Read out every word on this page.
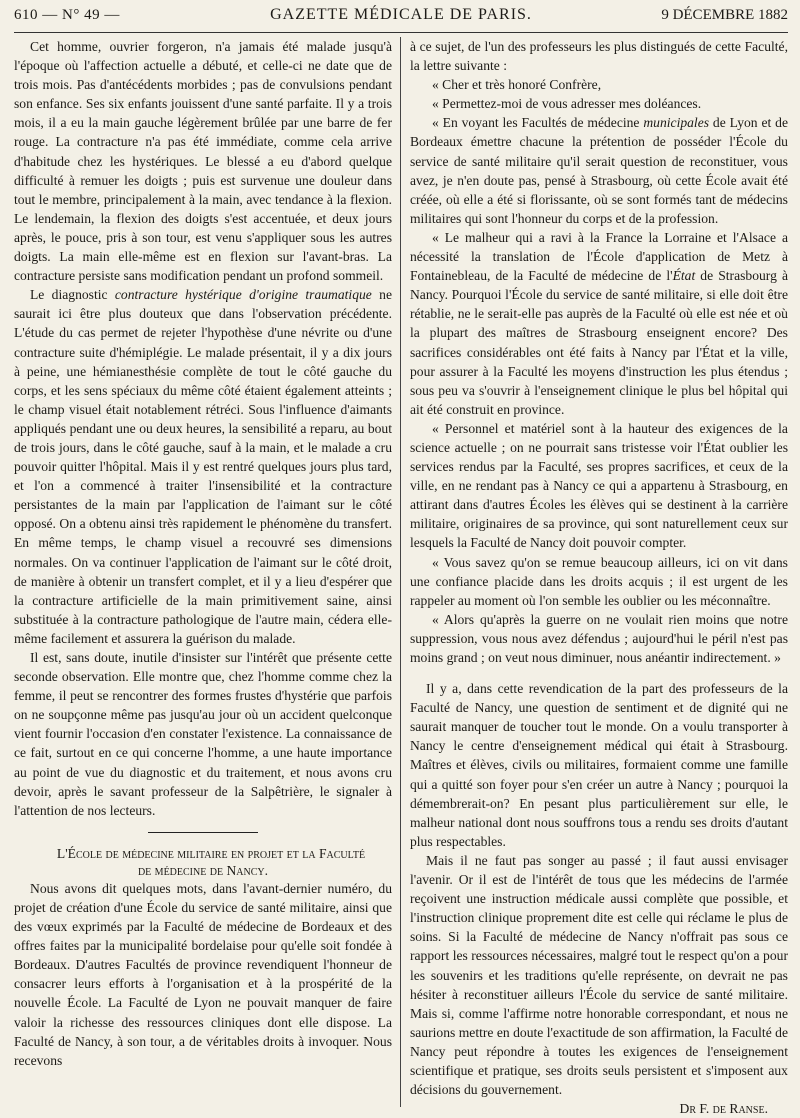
610 — N° 49 —	GAZETTE MÉDICALE DE PARIS.	9 DÉCEMBRE 1882

Cet homme, ouvrier forgeron, n'a jamais été malade jusqu'à l'époque où l'affection actuelle a débuté, et celle-ci ne date que de trois mois. Pas d'antécédents morbides ; pas de convulsions pendant son enfance. Ses six enfants jouissent d'une santé parfaite. Il y a trois mois, il a eu la main gauche légèrement brûlée par une barre de fer rouge. La contracture n'a pas été immédiate, comme cela arrive d'habitude chez les hystériques. Le blessé a eu d'abord quelque difficulté à remuer les doigts ; puis est survenue une douleur dans tout le membre, principalement à la main, avec tendance à la flexion. Le lendemain, la flexion des doigts s'est accentuée, et deux jours après, le pouce, pris à son tour, est venu s'appliquer sous les autres doigts. La main elle-même est en flexion sur l'avant-bras. La contracture persiste sans modification pendant un profond sommeil.

Le diagnostic contracture hystérique d'origine traumatique ne saurait ici être plus douteux que dans l'observation précédente. L'étude du cas permet de rejeter l'hypothèse d'une névrite ou d'une contracture suite d'hémiplégie. Le malade présentait, il y a dix jours à peine, une hémianesthésie complète de tout le côté gauche du corps, et les sens spéciaux du même côté étaient également atteints ; le champ visuel était notablement rétréci. Sous l'influence d'aimants appliqués pendant une ou deux heures, la sensibilité a reparu, au bout de trois jours, dans le côté gauche, sauf à la main, et le malade a cru pouvoir quitter l'hôpital. Mais il y est rentré quelques jours plus tard, et l'on a commencé à traiter l'insensibilité et la contracture persistantes de la main par l'application de l'aimant sur le côté opposé. On a obtenu ainsi très rapidement le phénomène du transfert. En même temps, le champ visuel a recouvré ses dimensions normales. On va continuer l'application de l'aimant sur le côté droit, de manière à obtenir un transfert complet, et il y a lieu d'espérer que la contracture artificielle de la main primitivement saine, ainsi substituée à la contracture pathologique de l'autre main, cédera elle-même facilement et assurera la guérison du malade.

Il est, sans doute, inutile d'insister sur l'intérêt que présente cette seconde observation. Elle montre que, chez l'homme comme chez la femme, il peut se rencontrer des formes frustes d'hystérie que parfois on ne soupçonne même pas jusqu'au jour où un accident quelconque vient fournir l'occasion d'en constater l'existence. La connaissance de ce fait, surtout en ce qui concerne l'homme, a une haute importance au point de vue du diagnostic et du traitement, et nous avons cru devoir, après le savant professeur de la Salpêtrière, le signaler à l'attention de nos lecteurs.

L'École de médecine militaire en projet et la Faculté
de médecine de Nancy.

Nous avons dit quelques mots, dans l'avant-dernier numéro, du projet de création d'une École du service de santé militaire, ainsi que des vœux exprimés par la Faculté de médecine de Bordeaux et des offres faites par la municipalité bordelaise pour qu'elle soit fondée à Bordeaux. D'autres Facultés de province revendiquent l'honneur de consacrer leurs efforts à l'organisation et à la prospérité de la nouvelle École. La Faculté de Lyon ne pouvait manquer de faire valoir la richesse des ressources cliniques dont elle dispose. La Faculté de Nancy, à son tour, a de véritables droits à invoquer. Nous recevons

à ce sujet, de l'un des professeurs les plus distingués de cette Faculté, la lettre suivante :

« Cher et très honoré Confrère,

« Permettez-moi de vous adresser mes doléances.

« En voyant les Facultés de médecine municipales de Lyon et de Bordeaux émettre chacune la prétention de posséder l'École du service de santé militaire qu'il serait question de reconstituer, vous avez, je n'en doute pas, pensé à Strasbourg, où cette École avait été créée, où elle a été si florissante, où se sont formés tant de médecins militaires qui sont l'honneur du corps et de la profession.

« Le malheur qui a ravi à la France la Lorraine et l'Alsace a nécessité la translation de l'École d'application de Metz à Fontainebleau, de la Faculté de médecine de l'État de Strasbourg à Nancy. Pourquoi l'École du service de santé militaire, si elle doit être rétablie, ne le serait-elle pas auprès de la Faculté où elle est née et où la plupart des maîtres de Strasbourg enseignent encore? Des sacrifices considérables ont été faits à Nancy par l'État et la ville, pour assurer à la Faculté les moyens d'instruction les plus étendus ; sous peu va s'ouvrir à l'enseignement clinique le plus bel hôpital qui ait été construit en province.

« Personnel et matériel sont à la hauteur des exigences de la science actuelle ; on ne pourrait sans tristesse voir l'État oublier les services rendus par la Faculté, ses propres sacrifices, et ceux de la ville, en ne rendant pas à Nancy ce qui a appartenu à Strasbourg, en attirant dans d'autres Écoles les élèves qui se destinent à la carrière militaire, originaires de sa province, qui sont naturellement ceux sur lesquels la Faculté de Nancy doit pouvoir compter.

« Vous savez qu'on se remue beaucoup ailleurs, ici on vit dans une confiance placide dans les droits acquis ; il est urgent de les rappeler au moment où l'on semble les oublier ou les méconnaître.

« Alors qu'après la guerre on ne voulait rien moins que notre suppression, vous nous avez défendus ; aujourd'hui le péril n'est pas moins grand ; on veut nous diminuer, nous anéantir indirectement. »

Il y a, dans cette revendication de la part des professeurs de la Faculté de Nancy, une question de sentiment et de dignité qui ne saurait manquer de toucher tout le monde. On a voulu transporter à Nancy le centre d'enseignement médical qui était à Strasbourg. Maîtres et élèves, civils ou militaires, formaient comme une famille qui a quitté son foyer pour s'en créer un autre à Nancy ; pourquoi la démembrerait-on? En pesant plus particulièrement sur elle, le malheur national dont nous souffrons tous a rendu ses droits d'autant plus respectables.

Mais il ne faut pas songer au passé ; il faut aussi envisager l'avenir. Or il est de l'intérêt de tous que les médecins de l'armée reçoivent une instruction médicale aussi complète que possible, et l'instruction clinique proprement dite est celle qui réclame le plus de soins. Si la Faculté de médecine de Nancy n'offrait pas sous ce rapport les ressources nécessaires, malgré tout le respect qu'on a pour les souvenirs et les traditions qu'elle représente, on devrait ne pas hésiter à reconstituer ailleurs l'École du service de santé militaire. Mais si, comme l'affirme notre honorable correspondant, et nous ne saurions mettre en doute l'exactitude de son affirmation, la Faculté de Nancy peut répondre à toutes les exigences de l'enseignement scientifique et pratique, ses droits seuls persistent et s'imposent aux décisions du gouvernement.

Dr F. de Ranse.
